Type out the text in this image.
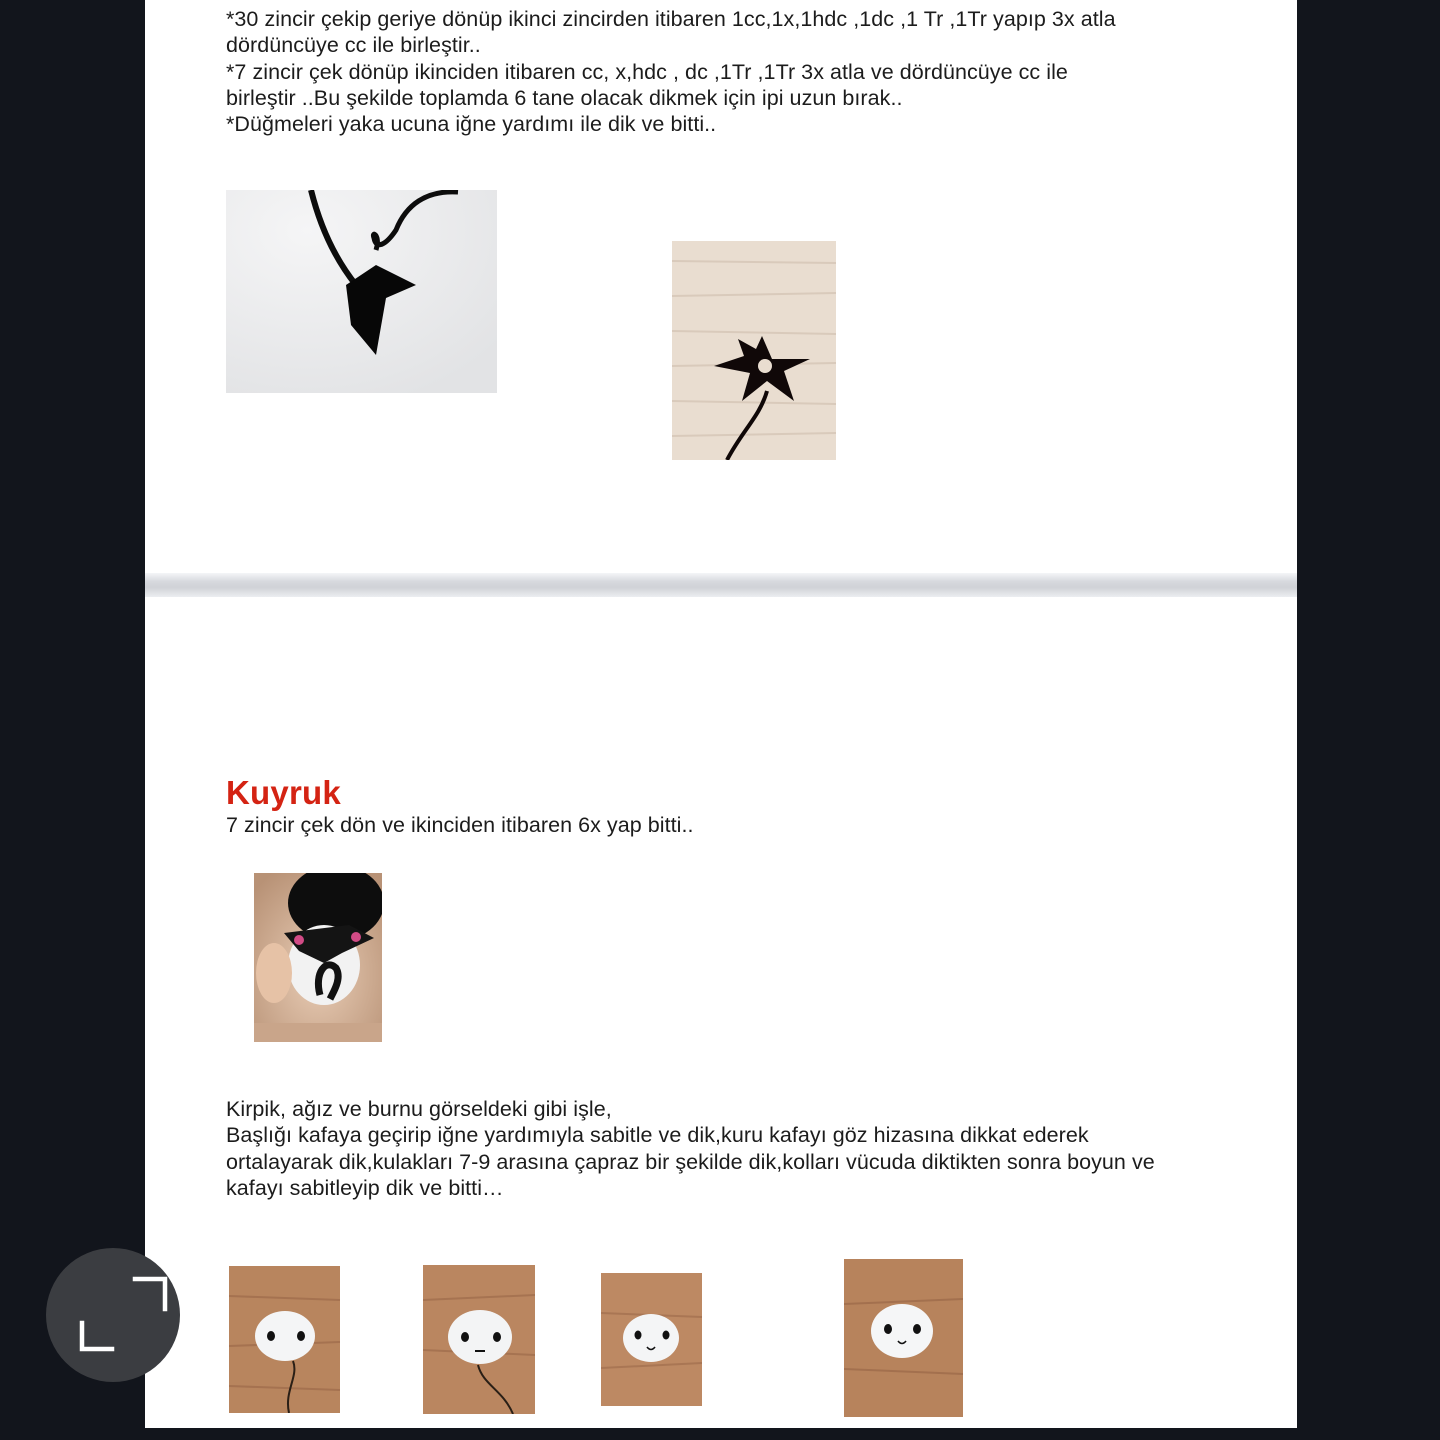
*30 zincir çekip geriye dönüp ikinci zincirden itibaren 1cc,1x,1hdc ,1dc ,1 Tr ,1Tr yapıp 3x atla

dördüncüye cc ile birleştir..

*7 zincir çek dönüp ikinciden itibaren cc, x,hdc , dc ,1Tr ,1Tr 3x atla ve dördüncüye cc ile

birleştir ..Bu şekilde toplamda 6 tane olacak dikmek için ipi uzun bırak..

*Düğmeleri yaka ucuna iğne yardımı ile dik ve bitti..

Kuyruk

7 zincir çek dön ve ikinciden itibaren 6x yap bitti..

Kirpik, ağız ve burnu görseldeki gibi işle,

Başlığı kafaya geçirip iğne yardımıyla sabitle ve dik,kuru kafayı göz hizasına dikkat ederek

ortalayarak dik,kulakları 7-9 arasına çapraz bir şekilde dik,kolları vücuda diktikten sonra boyun ve

kafayı sabitleyip dik ve bitti…
